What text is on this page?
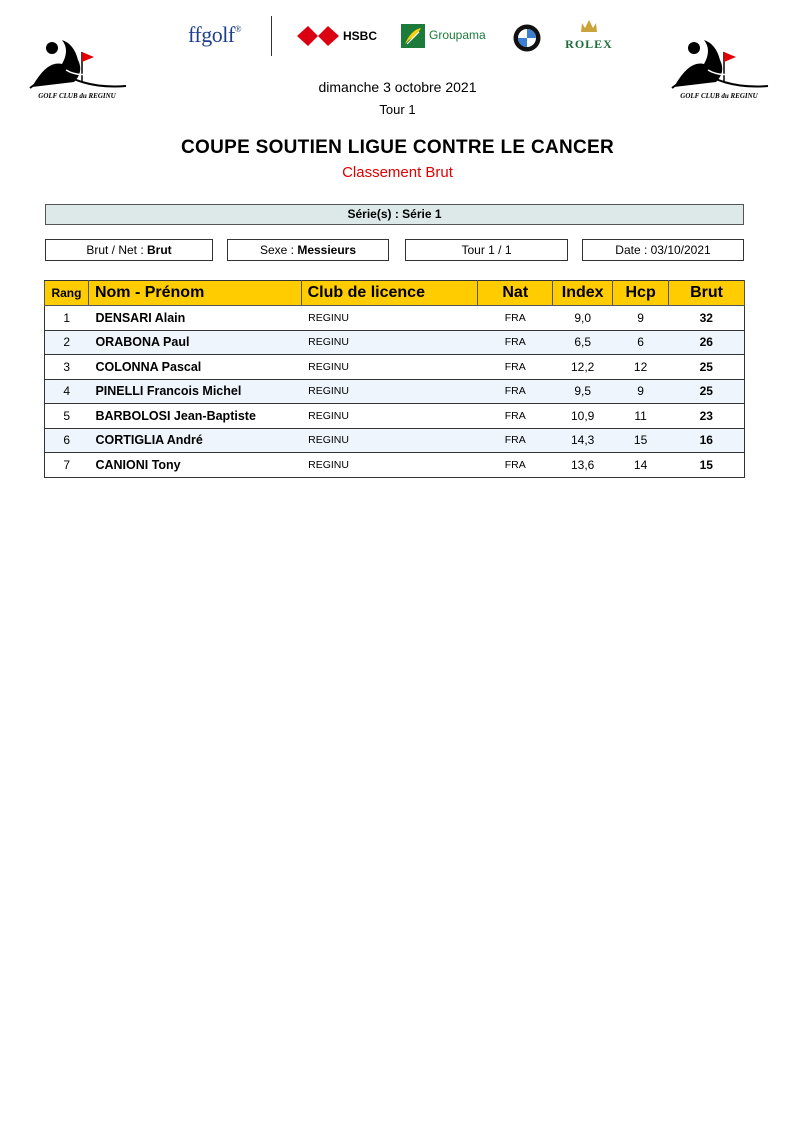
GOLF CLUB du REGINU	GOLF CLUB du REGINU
ffgolf®	HSBC	Groupama
ROLEX
dimanche 3 octobre 2021
Tour 1
COUPE SOUTIEN LIGUE CONTRE LE CANCER
Classement Brut
Série(s) : Série 1
Brut / Net : Brut	Sexe : Messieurs	Tour 1 / 1	Date : 03/10/2021
Rang	Nom - Prénom	Club de licence	Nat	Index	Hcp	Brut
1	DENSARI Alain	REGINU	FRA	9,0	9	32
2	ORABONA Paul	REGINU	FRA	6,5	6	26
3	COLONNA Pascal	REGINU	FRA	12,2	12	25
4	PINELLI Francois Michel	REGINU	FRA	9,5	9	25
5	BARBOLOSI Jean-Baptiste	REGINU	FRA	10,9	11	23
6	CORTIGLIA André	REGINU	FRA	14,3	15	16
7	CANIONI Tony	REGINU	FRA	13,6	14	15
